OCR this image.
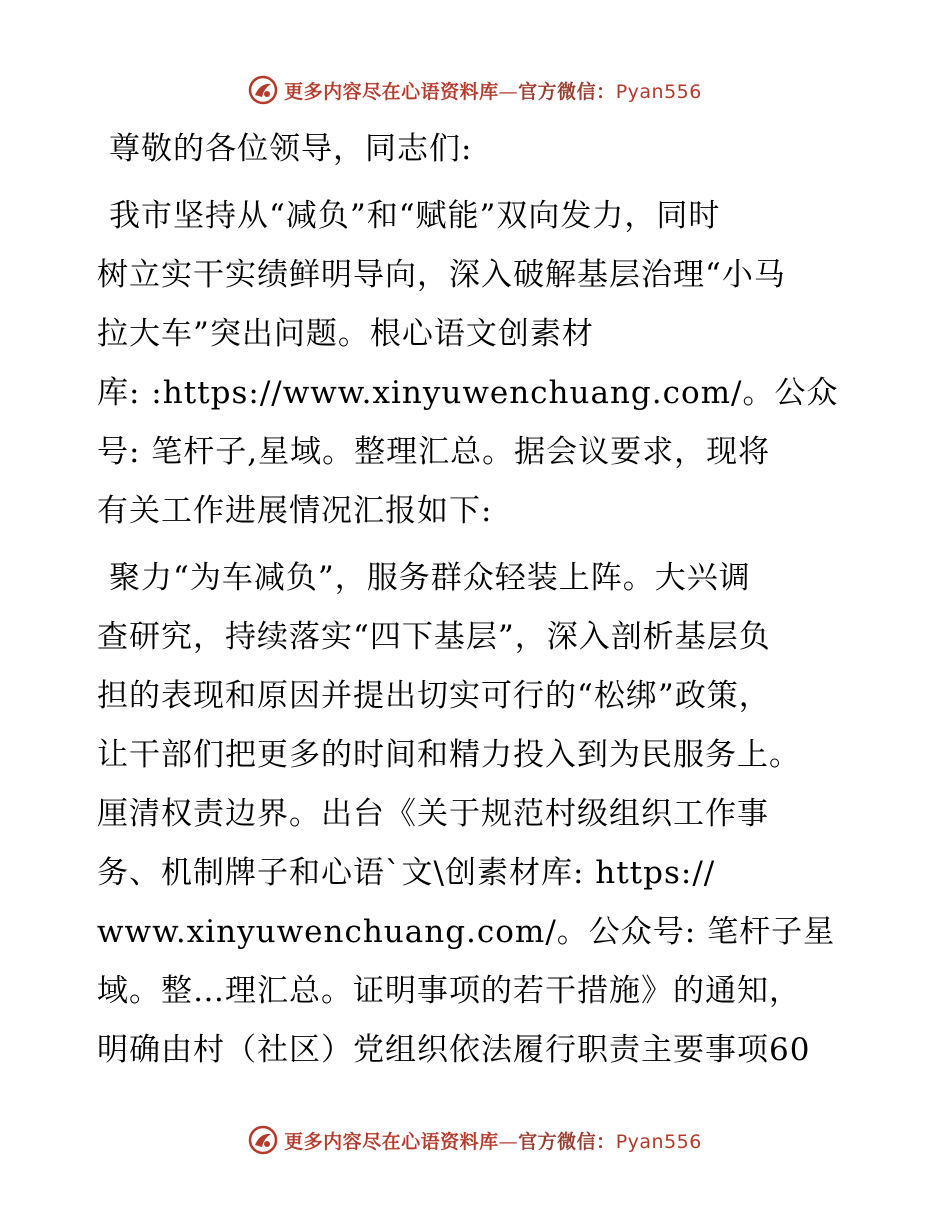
更多内容尽在心语资料库—官方微信：Pyan556

尊敬的各位领导，同志们:

我市坚持从“减负”和“赋能”双向发力，同时
树立实干实绩鲜明导向，深入破解基层治理“小马
拉大车”突出问题。根心语文创素材
库: :https://www.xinyuwenchuang.com/。公众
号: 笔杆子,星域。整理汇总。据会议要求，现将
有关工作进展情况汇报如下:

聚力“为车减负”，服务群众轻装上阵。大兴调
查研究，持续落实“四下基层”，深入剖析基层负
担的表现和原因并提出切实可行的“松绑”政策，
让干部们把更多的时间和精力投入到为民服务上。
厘清权责边界。出台《关于规范村级组织工作事
务、机制牌子和心语`文\创素材库: https://
www.xinyuwenchuang.com/。公众号: 笔杆子星
域。整…理汇总。证明事项的若干措施》的通知，
明确由村（社区）党组织依法履行职责主要事项60

更多内容尽在心语资料库—官方微信：Pyan556
